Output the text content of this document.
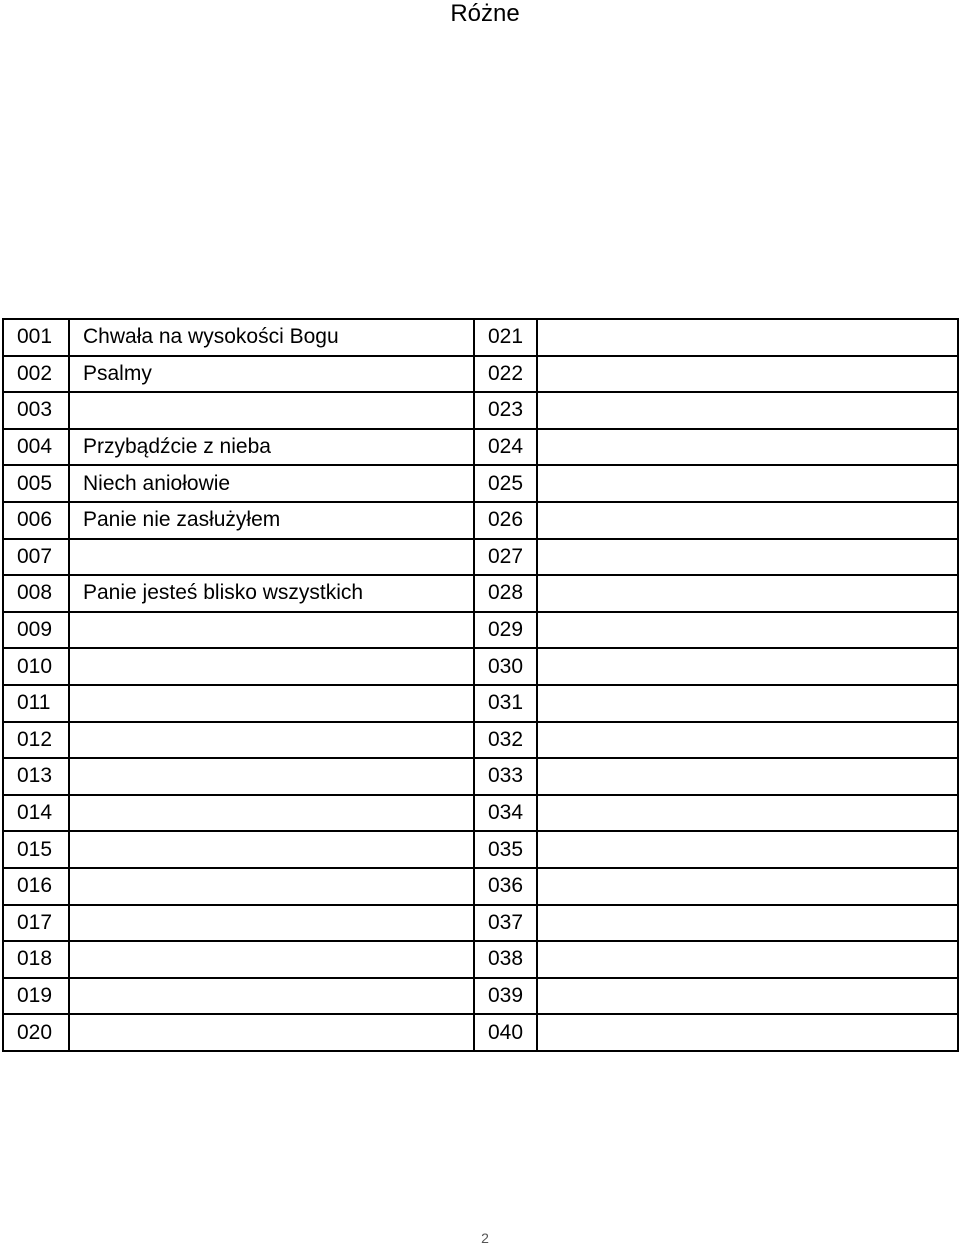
Różne
001	Chwała na wysokości Bogu	021	
002	Psalmy	022	
003		023	
004	Przybądźcie z nieba	024	
005	Niech aniołowie	025	
006	Panie nie zasłużyłem	026	
007		027	
008	Panie jesteś blisko wszystkich	028	
009		029	
010		030	
011		031	
012		032	
013		033	
014		034	
015		035	
016		036	
017		037	
018		038	
019		039	
020		040	
2
